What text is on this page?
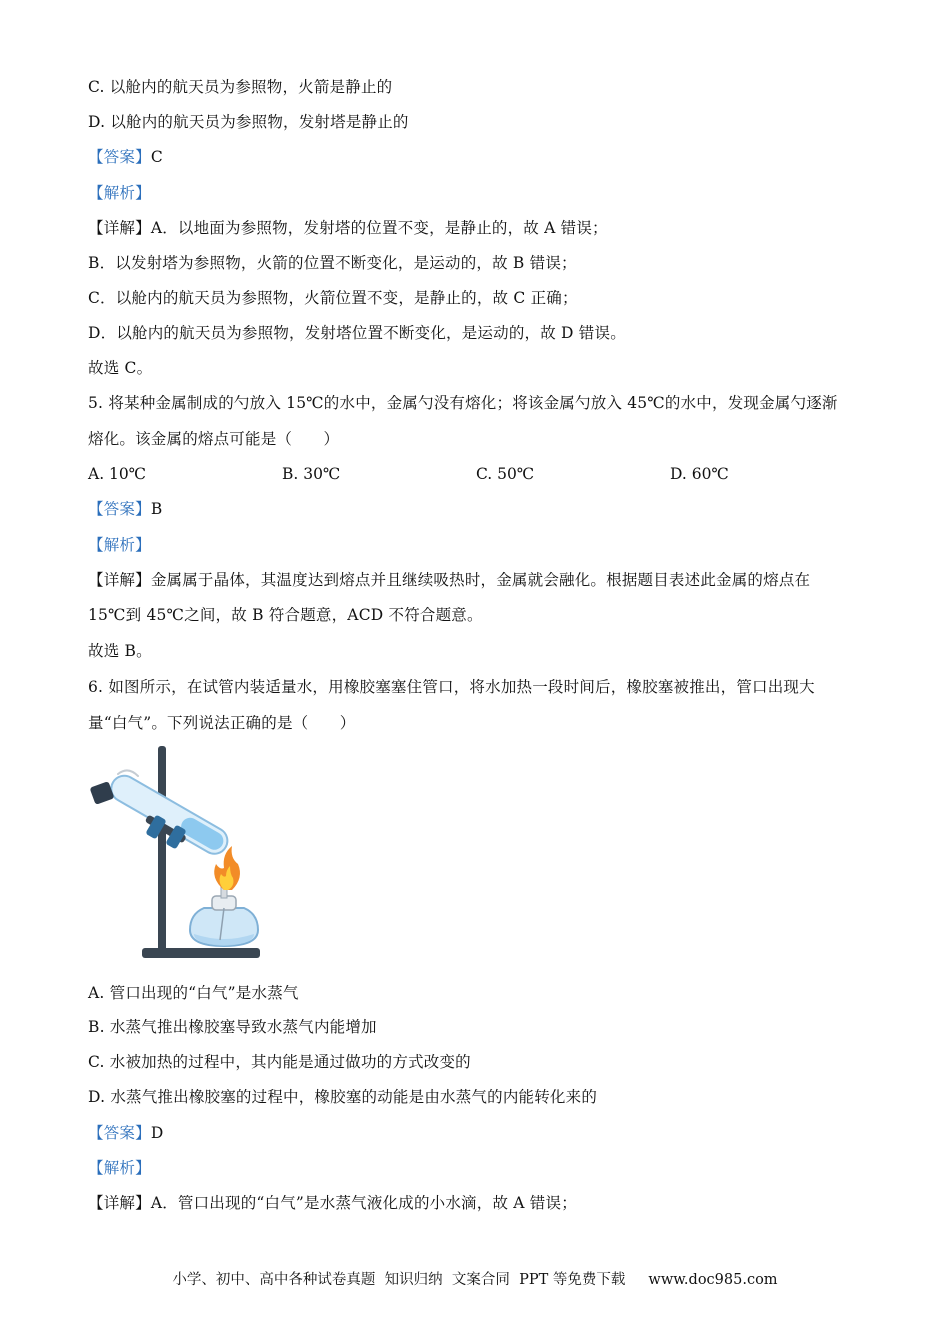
C. 以舱内的航天员为参照物，火箭是静止的
D. 以舱内的航天员为参照物，发射塔是静止的
【答案】C
【解析】
【详解】A．以地面为参照物，发射塔的位置不变，是静止的，故 A 错误；
B．以发射塔为参照物，火箭的位置不断变化，是运动的，故 B 错误；
C．以舱内的航天员为参照物，火箭位置不变，是静止的，故 C 正确；
D．以舱内的航天员为参照物，发射塔位置不断变化，是运动的，故 D 错误。
故选 C。
5. 将某种金属制成的勺放入 15℃的水中，金属勺没有熔化；将该金属勺放入 45℃的水中，发现金属勺逐渐
熔化。该金属的熔点可能是（　　）
A. 10℃	B. 30℃	C. 50℃	D. 60℃
【答案】B
【解析】
【详解】金属属于晶体，其温度达到熔点并且继续吸热时，金属就会融化。根据题目表述此金属的熔点在
15℃到 45℃之间，故 B 符合题意，ACD 不符合题意。
故选 B。
6. 如图所示，在试管内装适量水，用橡胶塞塞住管口，将水加热一段时间后，橡胶塞被推出，管口出现大
量“白气”。下列说法正确的是（　　）
A. 管口出现的“白气”是水蒸气
B. 水蒸气推出橡胶塞导致水蒸气内能增加
C. 水被加热的过程中，其内能是通过做功的方式改变的
D. 水蒸气推出橡胶塞的过程中，橡胶塞的动能是由水蒸气的内能转化来的
【答案】D
【解析】
【详解】A．管口出现的“白气”是水蒸气液化成的小水滴，故 A 错误；
小学、初中、高中各种试卷真题  知识归纳  文案合同  PPT 等免费下载     www.doc985.com
